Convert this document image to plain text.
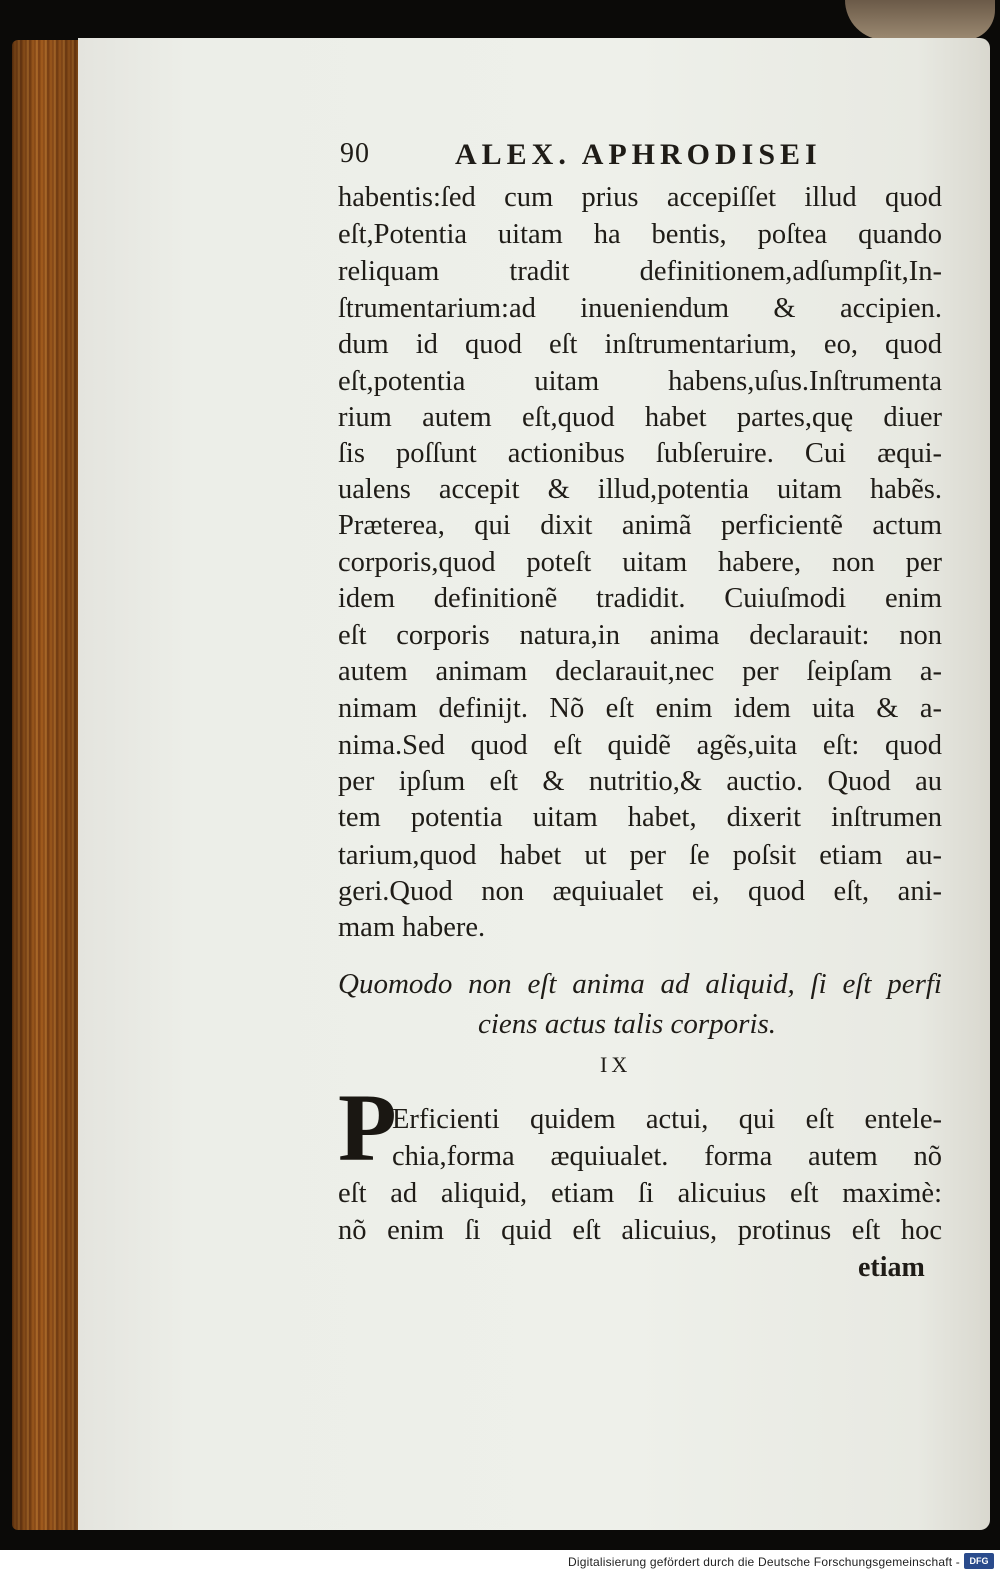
90	ALEX. APHRODISEI
habentis:ſed cum prius accepiſſet illud quod
eſt,Potentia uitam ha bentis, poſtea quando
reliquam tradit definitionem,adſumpſit,In-
ſtrumentarium:ad inueniendum & accipien.
dum id quod eſt inſtrumentarium, eo, quod
eſt,potentia uitam habens,uſus.Inſtrumenta
rium autem eſt,quod habet partes,quę diuer
ſis poſſunt actionibus ſubſeruire. Cui æqui-
ualens accepit & illud,potentia uitam habẽs.
Præterea, qui dixit animã perficientẽ actum
corporis,quod poteſt uitam habere, non per
idem definitionẽ tradidit. Cuiuſmodi enim
eſt corporis natura,in anima declarauit: non
autem animam declarauit,nec per ſeipſam a-
nimam definijt. Nõ eſt enim idem uita & a-
nima.Sed quod eſt quidẽ agẽs,uita eſt: quod
per ipſum eſt & nutritio,& auctio. Quod au
tem potentia uitam habet, dixerit inſtrumen
tarium,quod habet ut per ſe poſsit etiam au-
geri.Quod non æquiualet ei, quod eſt, ani-
mam habere.
Quomodo non eſt anima ad aliquid, ſi eſt perfi
ciens actus talis corporis.
IX
P
Erficienti quidem actui, qui eſt entele-
chia,forma æquiualet. forma autem nõ
eſt ad aliquid, etiam ſi alicuius eſt maximè:
nõ enim ſi quid eſt alicuius, protinus eſt hoc
etiam
Digitalisierung gefördert durch die Deutsche Forschungsgemeinschaft -	DFG
